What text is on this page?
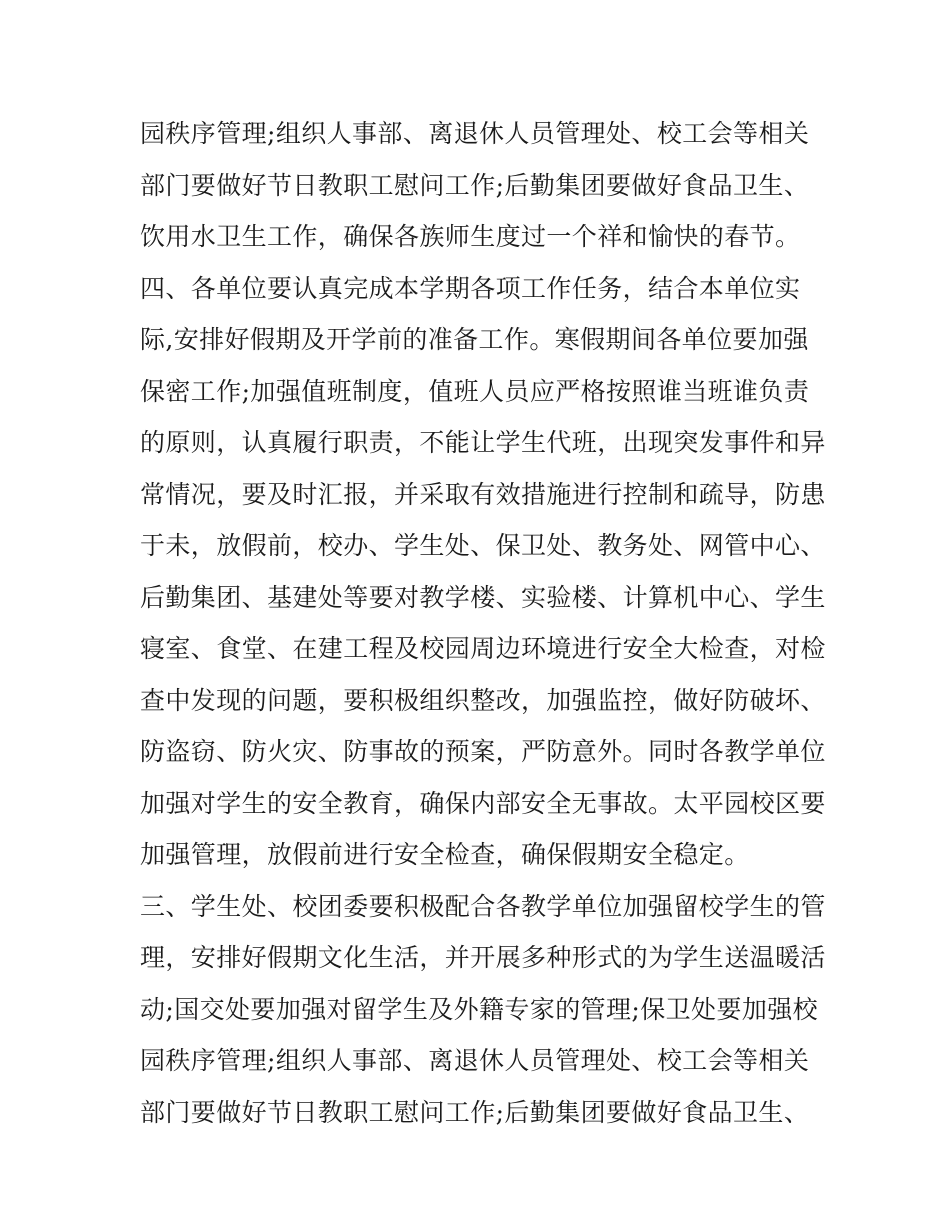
园秩序管理;组织人事部、离退休人员管理处、校工会等相关
部门要做好节日教职工慰问工作;后勤集团要做好食品卫生、
饮用水卫生工作，确保各族师生度过一个祥和愉快的春节。
四、各单位要认真完成本学期各项工作任务，结合本单位实
际,安排好假期及开学前的准备工作。寒假期间各单位要加强
保密工作;加强值班制度，值班人员应严格按照谁当班谁负责
的原则，认真履行职责，不能让学生代班，出现突发事件和异
常情况，要及时汇报，并采取有效措施进行控制和疏导，防患
于未，放假前，校办、学生处、保卫处、教务处、网管中心、
后勤集团、基建处等要对教学楼、实验楼、计算机中心、学生
寝室、食堂、在建工程及校园周边环境进行安全大检查，对检
查中发现的问题，要积极组织整改，加强监控，做好防破坏、
防盗窃、防火灾、防事故的预案，严防意外。同时各教学单位
加强对学生的安全教育，确保内部安全无事故。太平园校区要
加强管理，放假前进行安全检查，确保假期安全稳定。
三、学生处、校团委要积极配合各教学单位加强留校学生的管
理，安排好假期文化生活，并开展多种形式的为学生送温暖活
动;国交处要加强对留学生及外籍专家的管理;保卫处要加强校
园秩序管理;组织人事部、离退休人员管理处、校工会等相关
部门要做好节日教职工慰问工作;后勤集团要做好食品卫生、
